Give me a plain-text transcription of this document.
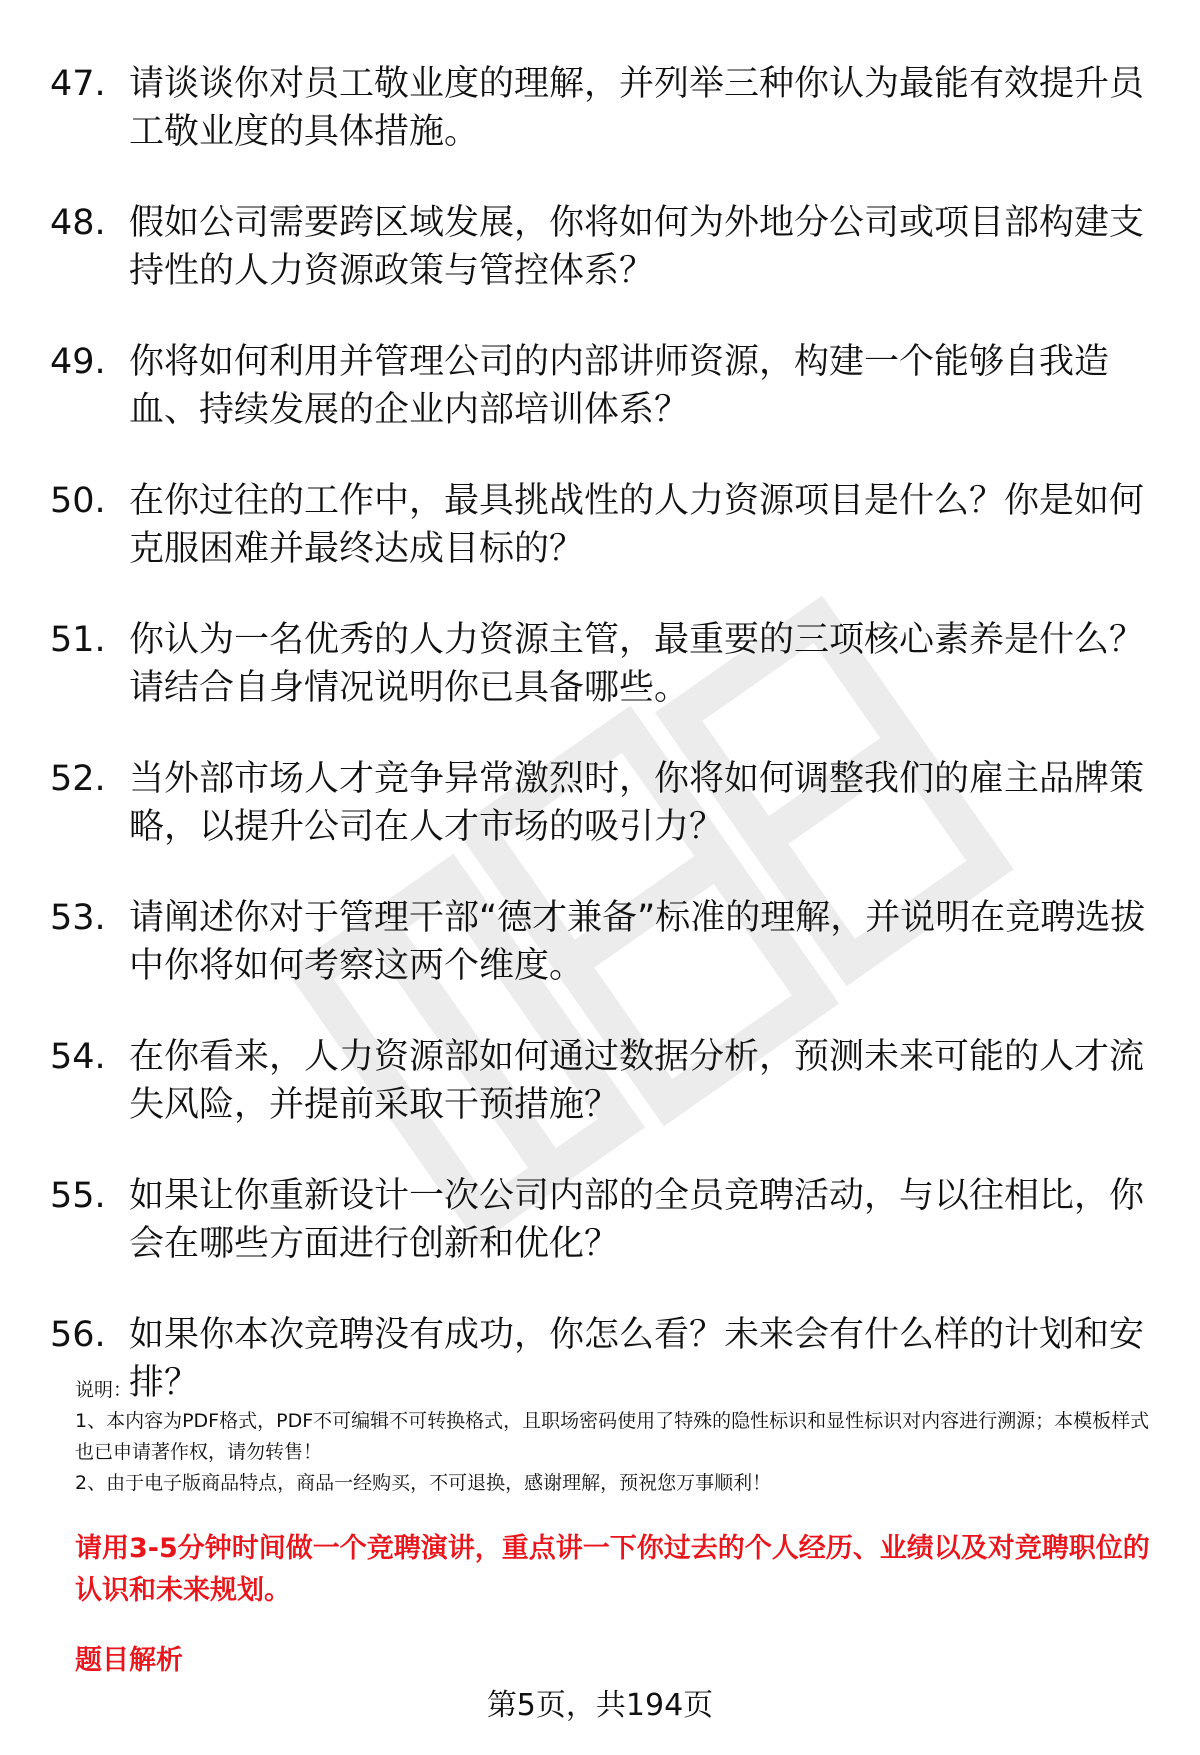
47. 请谈谈你对员工敬业度的理解，并列举三种你认为最能有效提升员工敬业度的具体措施。
48. 假如公司需要跨区域发展，你将如何为外地分公司或项目部构建支持性的人力资源政策与管控体系？
49. 你将如何利用并管理公司的内部讲师资源，构建一个能够自我造血、持续发展的企业内部培训体系？
50. 在你过往的工作中，最具挑战性的人力资源项目是什么？你是如何克服困难并最终达成目标的？
51. 你认为一名优秀的人力资源主管，最重要的三项核心素养是什么？请结合自身情况说明你已具备哪些。
52. 当外部市场人才竞争异常激烈时，你将如何调整我们的雇主品牌策略，以提升公司在人才市场的吸引力？
53. 请阐述你对于管理干部“德才兼备”标准的理解，并说明在竞聘选拔中你将如何考察这两个维度。
54. 在你看来，人力资源部如何通过数据分析，预测未来可能的人才流失风险，并提前采取干预措施？
55. 如果让你重新设计一次公司内部的全员竞聘活动，与以往相比，你会在哪些方面进行创新和优化？
56. 如果你本次竞聘没有成功，你怎么看？未来会有什么样的计划和安排？
说明：
1、本内容为PDF格式，PDF不可编辑不可转换格式，且职场密码使用了特殊的隐性标识和显性标识对内容进行溯源；本模板样式也已申请著作权，请勿转售！
2、由于电子版商品特点，商品一经购买，不可退换，感谢理解，预祝您万事顺利！
请用3-5分钟时间做一个竞聘演讲，重点讲一下你过去的个人经历、业绩以及对竞聘职位的认识和未来规划。
题目解析
第5页，共194页
